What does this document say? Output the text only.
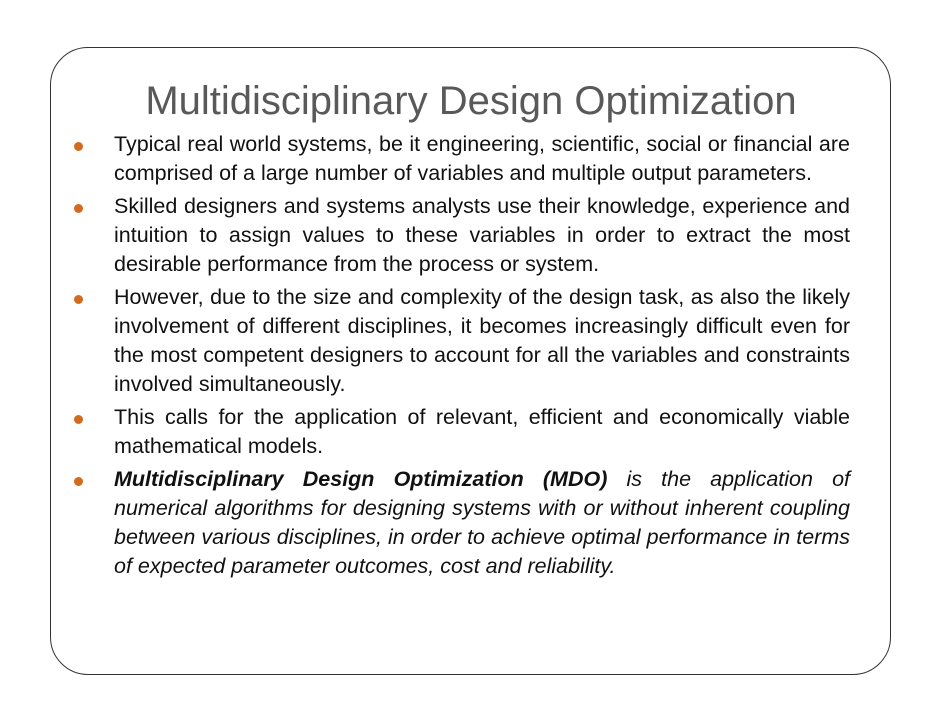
Multidisciplinary Design Optimization
Typical real world systems, be it engineering, scientific, social or financial are comprised of a large number of variables and multiple output parameters.
Skilled designers and systems analysts use their knowledge, experience and intuition to assign values to these variables in order to extract the most desirable performance from the process or system.
However, due to the size and complexity of the design task, as also the likely involvement of different disciplines, it becomes increasingly difficult even for the most competent designers to account for all the variables and constraints involved simultaneously.
This calls for the application of relevant, efficient and economically viable mathematical models.
Multidisciplinary Design Optimization (MDO) is the application of numerical algorithms for designing systems with or without inherent coupling between various disciplines, in order to achieve optimal performance in terms of expected parameter outcomes, cost and reliability.
